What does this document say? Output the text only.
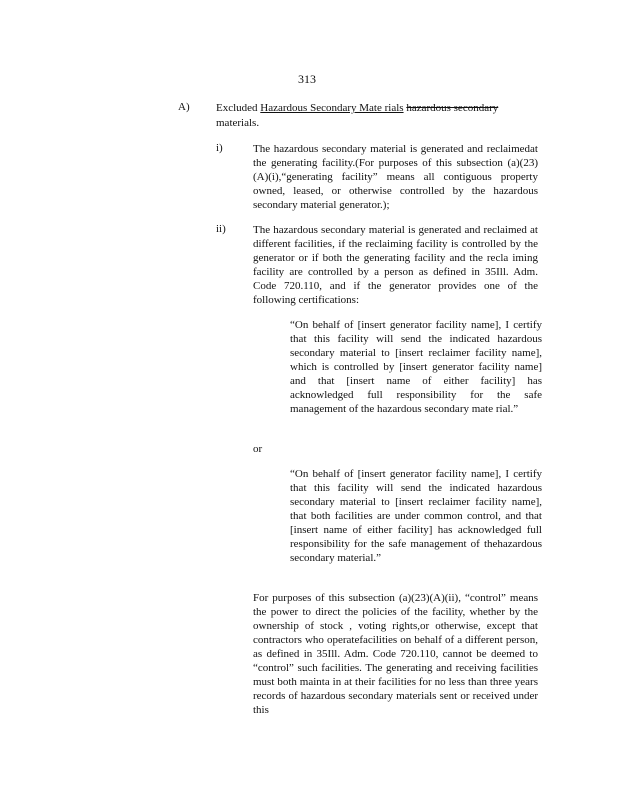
313

A) Excluded Hazardous Secondary Mate rials hazardous secondary
materials.

i)	The hazardous secondary material is generated and reclaimedat the generating facility.(For purposes of this subsection (a)(23)(A)(i),“generating facility” means all contiguous property owned, leased, or otherwise controlled by the hazardous secondary material generator.);

ii) The hazardous secondary material is generated and reclaimed at different facilities, if the reclaiming facility is controlled by the generator or if both the generating facility and the recla iming facility are controlled by a person as defined in 35Ill. Adm. Code 720.110, and if the generator provides one of the following certifications:

“On behalf of [insert generator facility name], I certify that this facility will send the indicated hazardous secondary material to [insert reclaimer facility name], which is controlled by [insert generator facility name] and that [insert name of either facility] has acknowledged full responsibility for the safe management of the hazardous secondary mate rial.”

or

“On behalf of [insert generator facility name], I certify that this facility will send the indicated hazardous secondary material to [insert reclaimer facility name], that both facilities are under common control, and that [insert name of either facility] has acknowledged full responsibility for the safe management of thehazardous secondary material.”

For purposes of this subsection (a)(23)(A)(ii), “control” means the power to direct the policies of the facility, whether by the ownership of stock , voting rights,or otherwise, except that contractors who operatefacilities on behalf of a different person, as defined in 35Ill. Adm. Code 720.110, cannot be deemed to “control” such facilities. The generating and receiving facilities must both mainta in at their facilities for no less than three years records of hazardous secondary materials sent or received under this
